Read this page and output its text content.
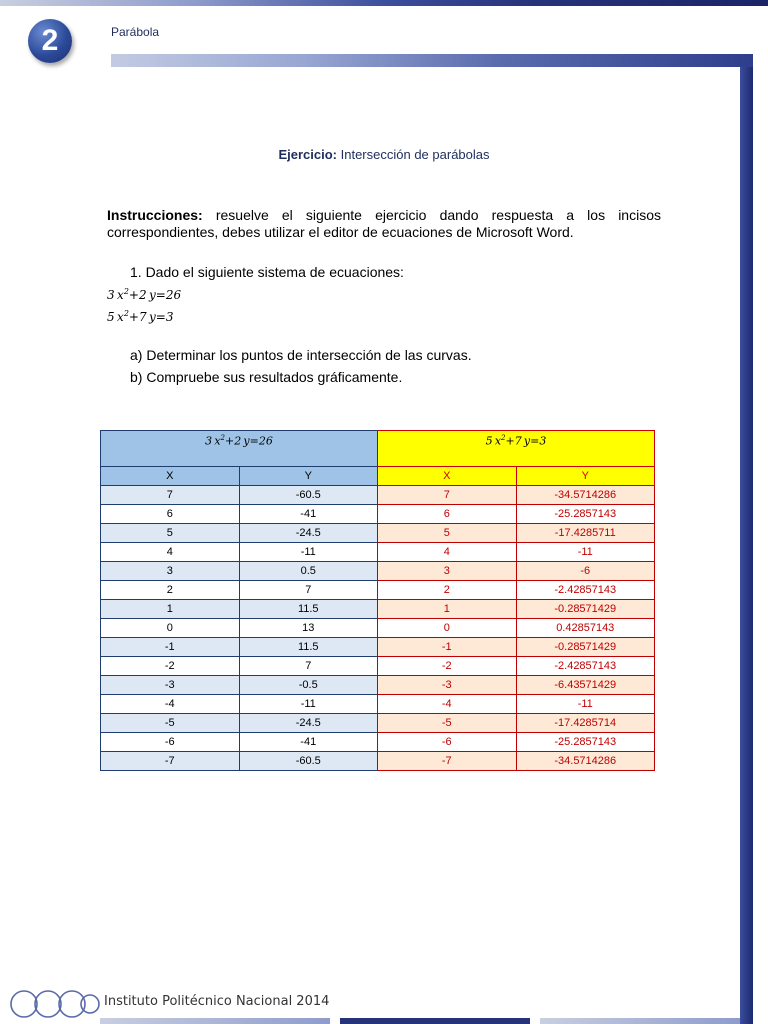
2	Parábola
Ejercicio: Intersección de parábolas
Instrucciones: resuelve el siguiente ejercicio dando respuesta a los incisos correspondientes, debes utilizar el editor de ecuaciones de Microsoft Word.
1. Dado el siguiente sistema de ecuaciones:
3 $x^2+2$ y=26
5 $x^2+7$ y=3
a) Determinar los puntos de intersección de las curvas.
b) Compruebe sus resultados gráficamente.
3 $x^2+2$ y=26		5 $x^2+7$ y=3	
X	Y	X	Y
7	-60.5	7	-34.5714286
6	-41	6	-25.2857143
5	-24.5	5	-17.4285711
4	-11	4	-11
3	0.5	3	-6
2	7	2	-2.42857143
1	11.5	1	-0.28571429
0	13	0	0.42857143
-1	11.5	-1	-0.28571429
-2	7	-2	-2.42857143
-3	-0.5	-3	-6.43571429
-4	-11	-4	-11
-5	-24.5	-5	-17.4285714
-6	-41	-6	-25.2857143
-7	-60.5	-7	-34.5714286
Instituto Politécnico Nacional 2014
